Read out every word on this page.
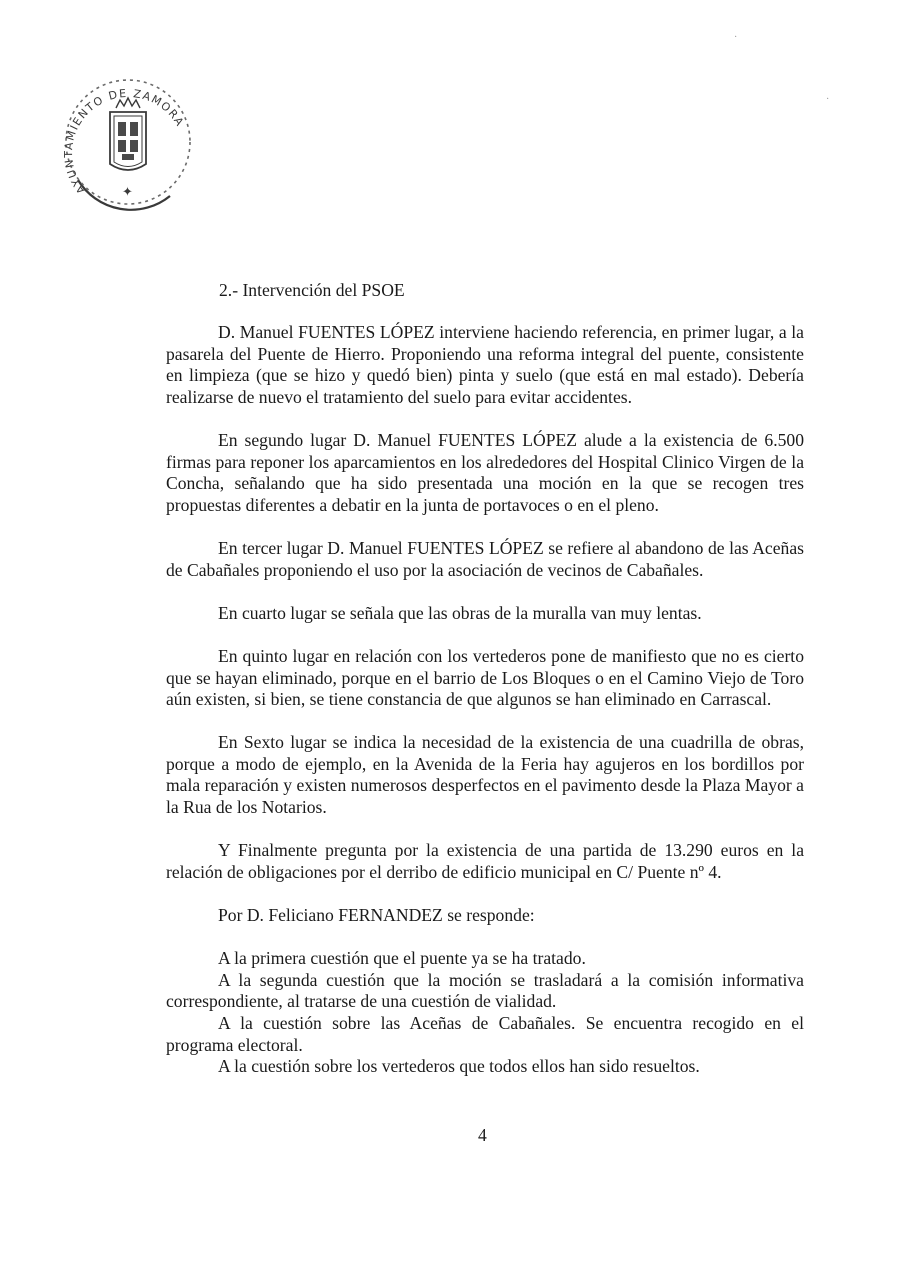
AYUNTAMIENTO DE ZAMORA
✦
·
·
2.- Intervención del PSOE

D. Manuel FUENTES LÓPEZ interviene haciendo referencia, en primer lugar, a la pasarela del Puente de Hierro. Proponiendo una reforma integral del puente, consistente en limpieza (que se hizo y quedó bien) pinta y suelo (que está en mal estado). Debería realizarse de nuevo el tratamiento del suelo para evitar accidentes.

En segundo lugar D. Manuel FUENTES LÓPEZ alude a la existencia de 6.500 firmas para reponer los aparcamientos en los alrededores del Hospital Clinico Virgen de la Concha, señalando que ha sido presentada una moción en la que se recogen tres propuestas diferentes a debatir en la junta de portavoces o en el pleno.

En tercer lugar D. Manuel FUENTES LÓPEZ se refiere al abandono de las Aceñas de Cabañales proponiendo el uso por la asociación de vecinos de Cabañales.

En cuarto lugar se señala que las obras de la muralla van muy lentas.

En quinto lugar en relación con los vertederos pone de manifiesto que no es cierto que se hayan eliminado, porque en el barrio de Los Bloques o en el Camino Viejo de Toro aún existen, si bien, se tiene constancia de que algunos se han eliminado en Carrascal.

En Sexto lugar se indica la necesidad de la existencia de una cuadrilla de obras, porque a modo de ejemplo, en la Avenida de la Feria hay agujeros en los bordillos por mala reparación y existen numerosos desperfectos en el pavimento desde la Plaza Mayor a la Rua de los Notarios.

Y Finalmente pregunta por la existencia de una partida de 13.290 euros en la relación de obligaciones por el derribo de edificio municipal en C/ Puente nº 4.

Por D. Feliciano FERNANDEZ se responde:

A la primera cuestión que el puente ya se ha tratado.

A la segunda cuestión que la moción se trasladará a la comisión informativa correspondiente, al tratarse de una cuestión de vialidad.

A la cuestión sobre las Aceñas de Cabañales. Se encuentra recogido en el programa electoral.

A la cuestión sobre los vertederos que todos ellos han sido resueltos.

4
